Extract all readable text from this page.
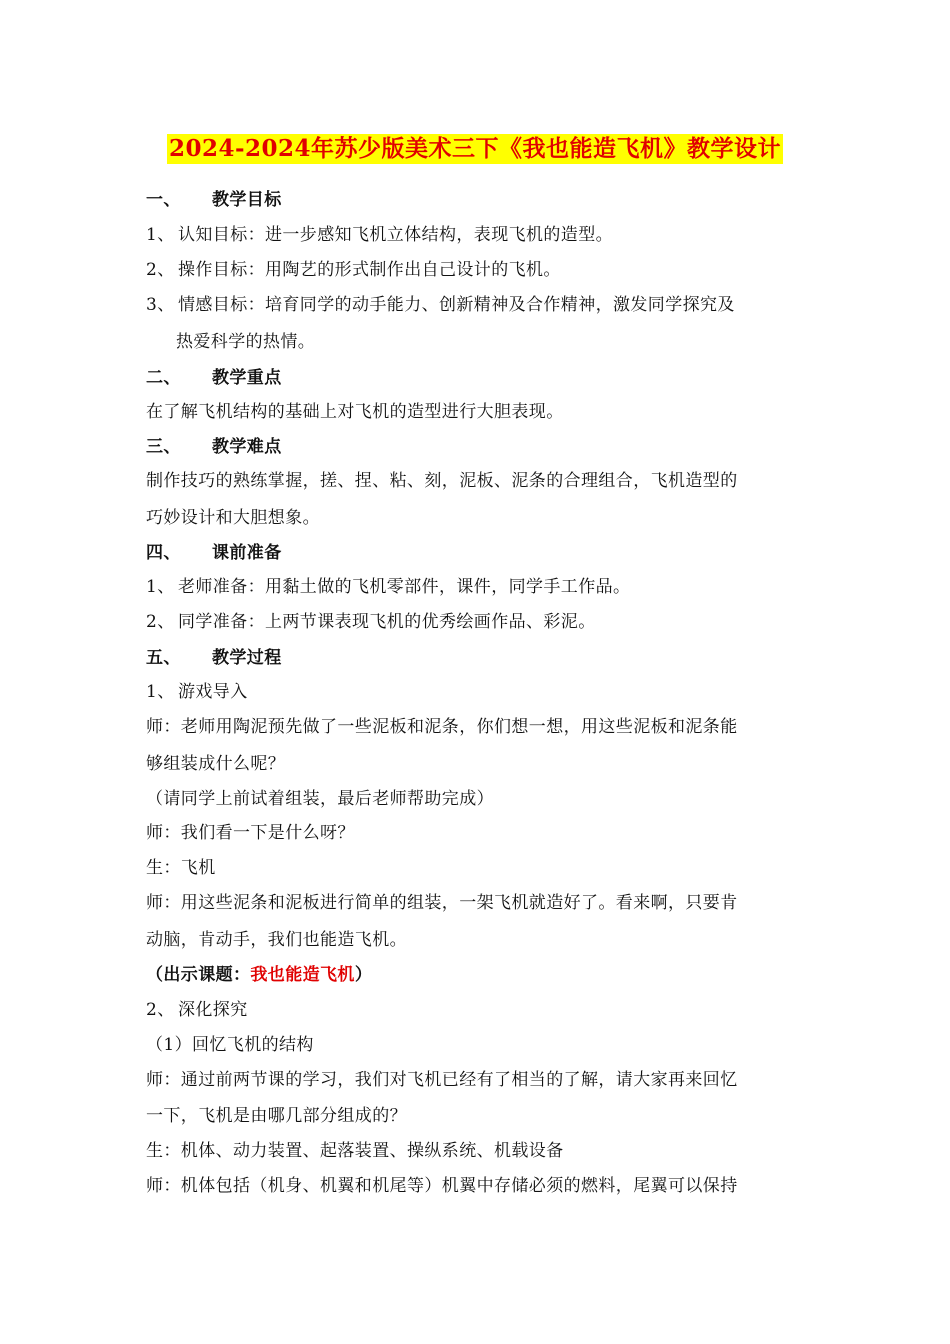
2024-2024年苏少版美术三下《我也能造飞机》教学设计
一、 教学目标
1、 认知目标：进一步感知飞机立体结构，表现飞机的造型。
2、 操作目标：用陶艺的形式制作出自己设计的飞机。
3、 情感目标：培育同学的动手能力、创新精神及合作精神，激发同学探究及
热爱科学的热情。
二、 教学重点
在了解飞机结构的基础上对飞机的造型进行大胆表现。
三、 教学难点
制作技巧的熟练掌握，搓、捏、粘、刻，泥板、泥条的合理组合，飞机造型的
巧妙设计和大胆想象。
四、 课前准备
1、 老师准备：用黏土做的飞机零部件，课件，同学手工作品。
2、 同学准备：上两节课表现飞机的优秀绘画作品、彩泥。
五、 教学过程
1、 游戏导入
师：老师用陶泥预先做了一些泥板和泥条，你们想一想，用这些泥板和泥条能
够组装成什么呢？
（请同学上前试着组装，最后老师帮助完成）
师：我们看一下是什么呀？
生：飞机
师：用这些泥条和泥板进行简单的组装，一架飞机就造好了。看来啊，只要肯
动脑，肯动手，我们也能造飞机。
（出示课题：我也能造飞机）
2、 深化探究
（1）回忆飞机的结构
师：通过前两节课的学习，我们对飞机已经有了相当的了解，请大家再来回忆
一下，飞机是由哪几部分组成的？
生：机体、动力装置、起落装置、操纵系统、机载设备
师：机体包括（机身、机翼和机尾等）机翼中存储必须的燃料，尾翼可以保持
